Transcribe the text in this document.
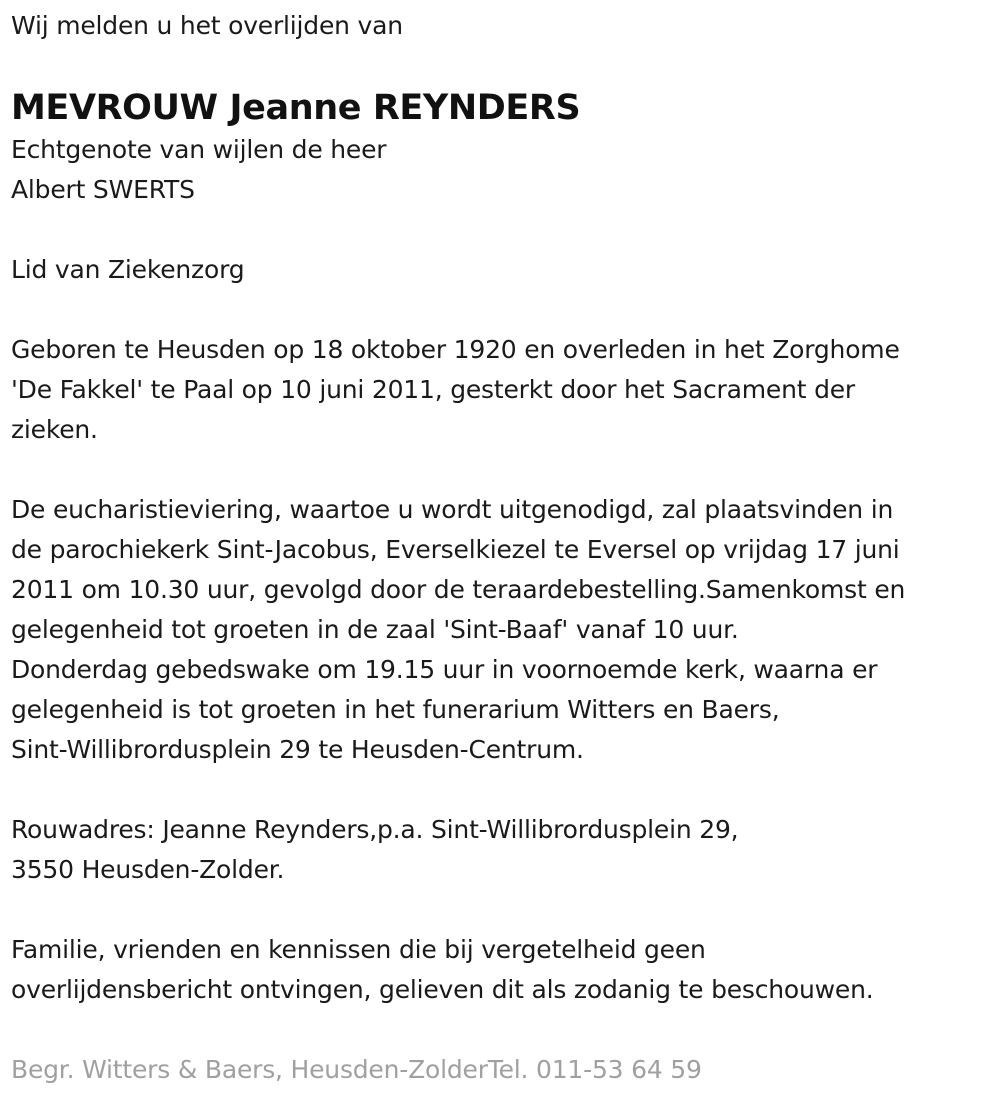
Wij melden u het overlijden van
MEVROUW Jeanne REYNDERS
Echtgenote van wijlen de heer
Albert SWERTS
Lid van Ziekenzorg
Geboren te Heusden op 18 oktober 1920 en overleden in het Zorghome
'De Fakkel' te Paal op 10 juni 2011, gesterkt door het Sacrament der
zieken.
De eucharistieviering, waartoe u wordt uitgenodigd, zal plaatsvinden in
de parochiekerk Sint-Jacobus, Everselkiezel te Eversel op vrijdag 17 juni
2011 om 10.30 uur, gevolgd door de teraardebestelling.Samenkomst en
gelegenheid tot groeten in de zaal 'Sint-Baaf' vanaf 10 uur.
Donderdag gebedswake om 19.15 uur in voornoemde kerk, waarna er
gelegenheid is tot groeten in het funerarium Witters en Baers,
Sint-Willibrordusplein 29 te Heusden-Centrum.
Rouwadres: Jeanne Reynders,p.a. Sint-Willibrordusplein 29,
3550 Heusden-Zolder.
Familie, vrienden en kennissen die bij vergetelheid geen
overlijdensbericht ontvingen, gelieven dit als zodanig te beschouwen.
Begr. Witters & Baers, Heusden-ZolderTel. 011-53 64 59
